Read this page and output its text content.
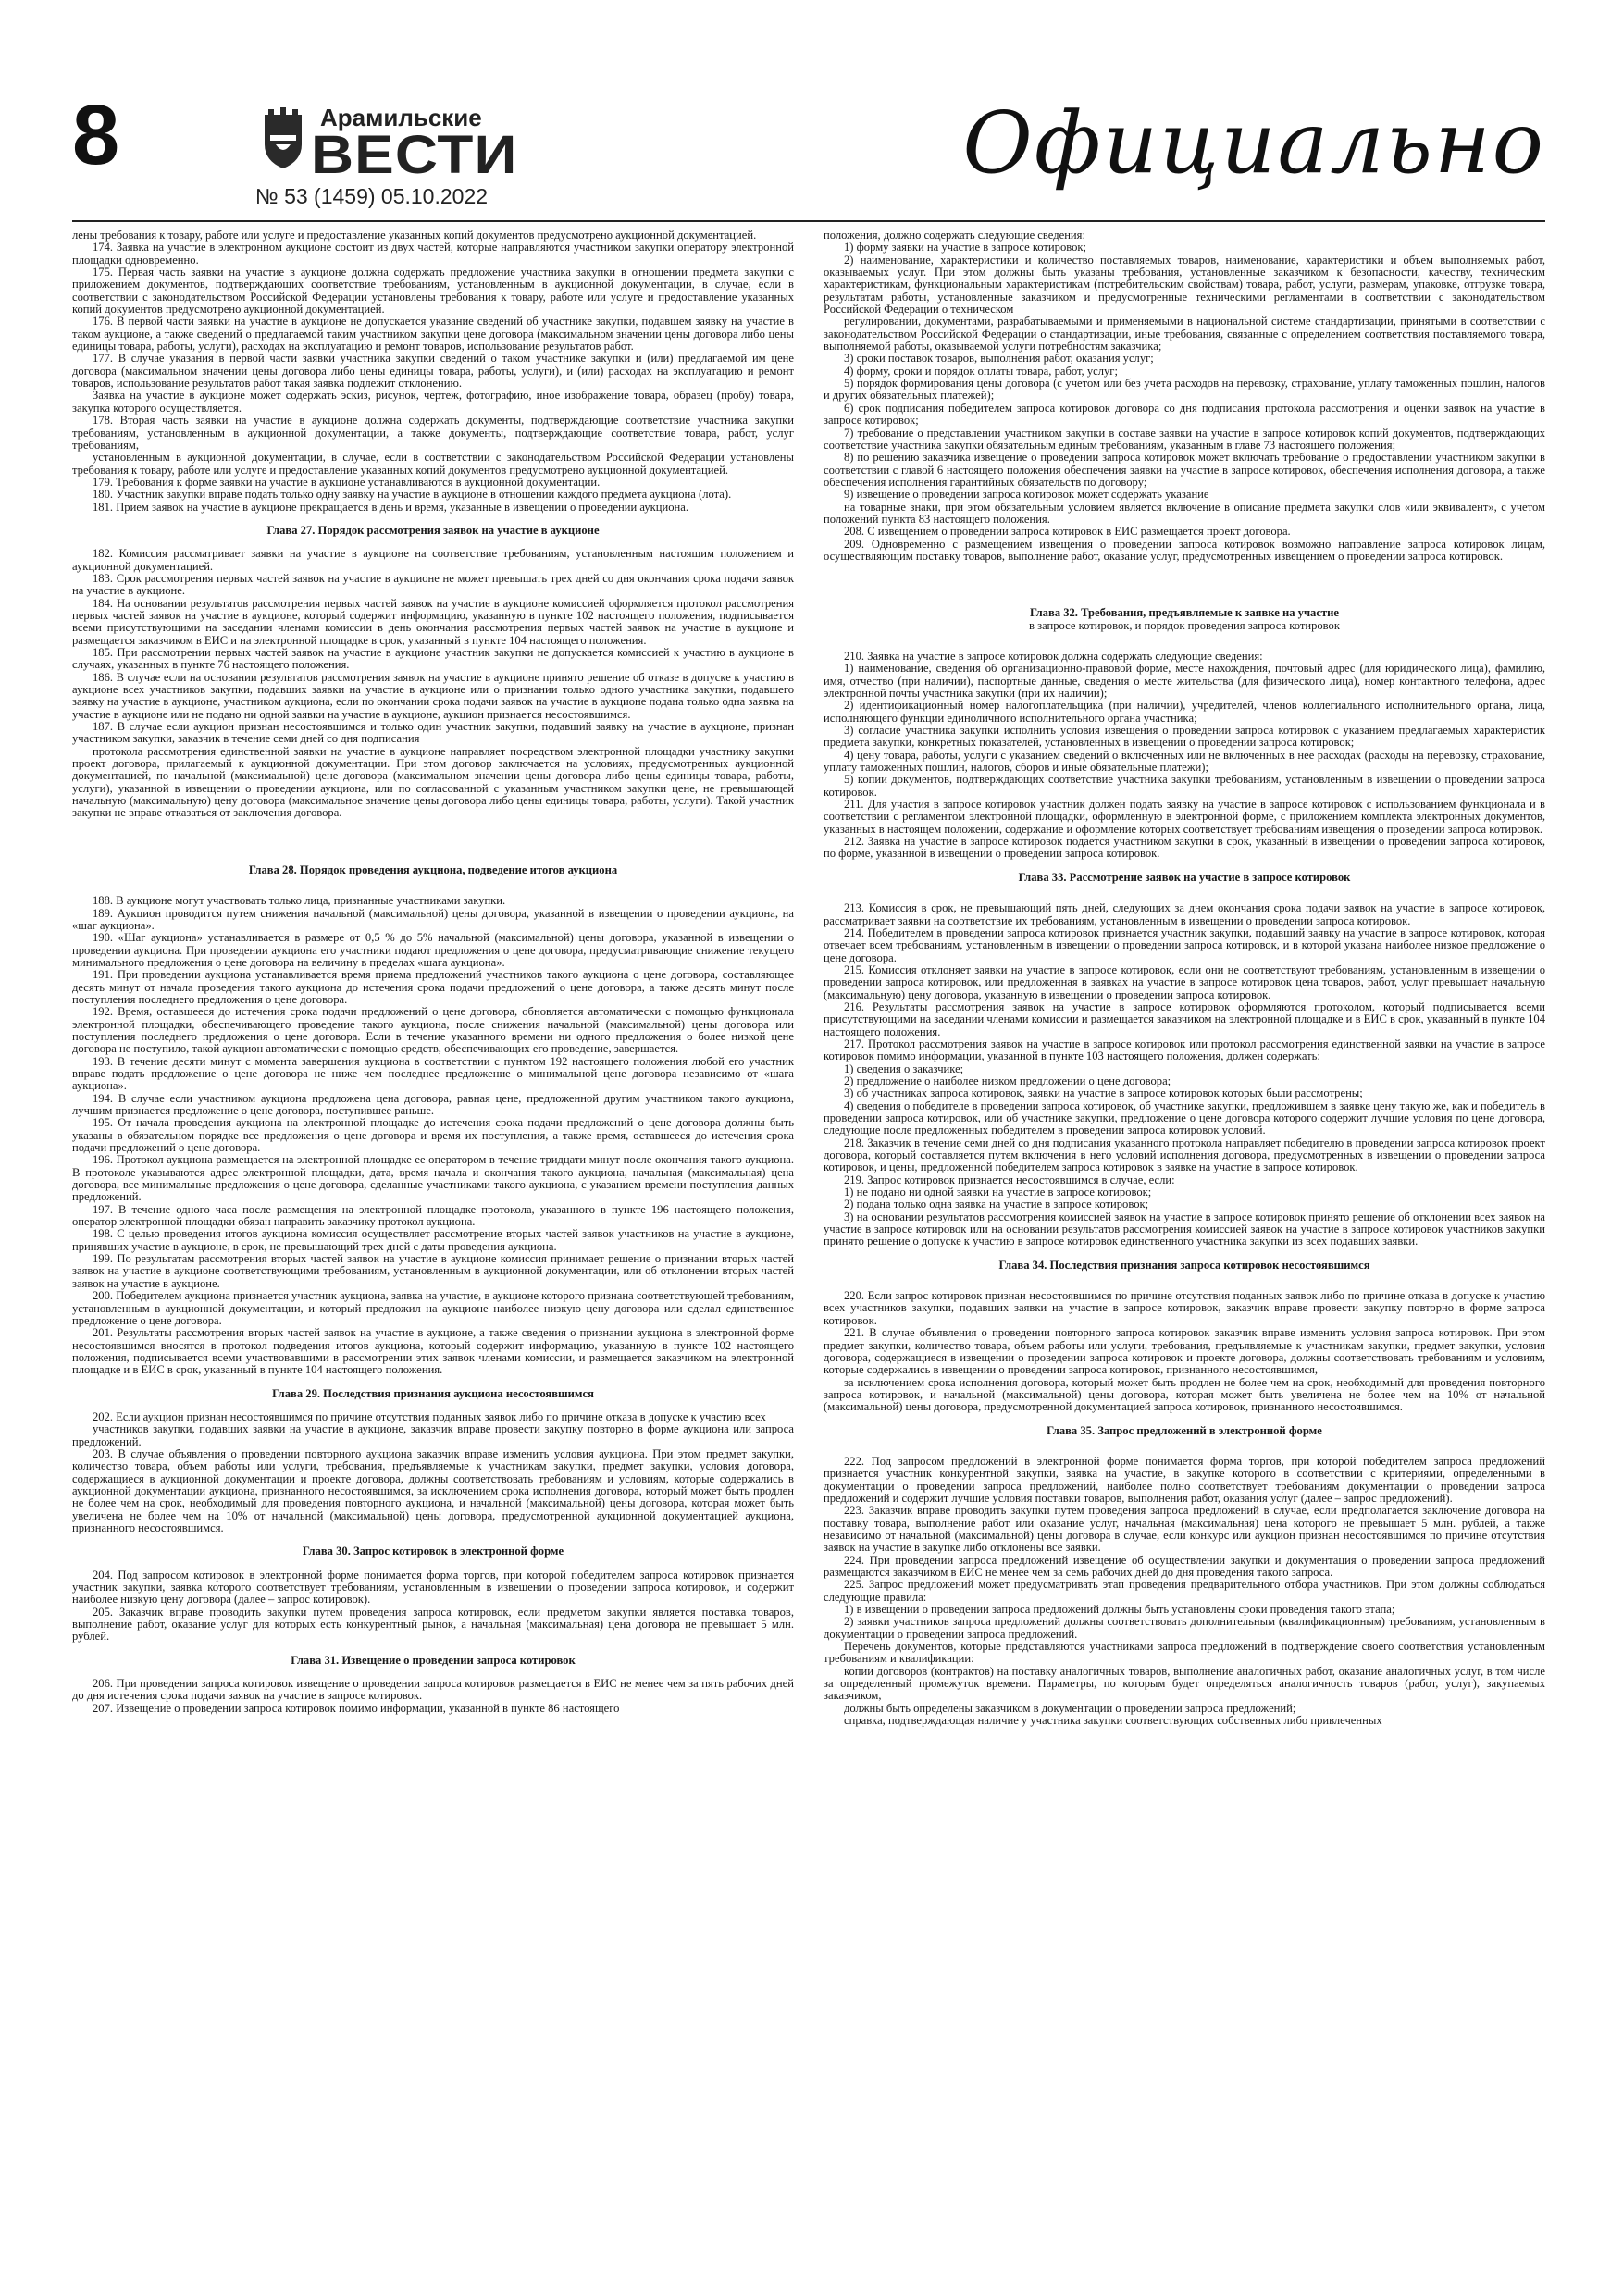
8	Арамильские
ВЕСТИ
№ 53 (1459) 05.10.2022
Официально

лены требования к товару, работе или услуге и предоставление указанных копий документов предусмотрено аукционной документацией.

174. Заявка на участие в электронном аукционе состоит из двух частей, которые направляются участником закупки оператору электронной площадки одновременно.

175. Первая часть заявки на участие в аукционе должна содержать предложение участника закупки в отношении предмета закупки с приложением документов, подтверждающих соответствие требованиям, установленным в аукционной документации, в случае, если в соответствии с законодательством Российской Федерации установлены требования к товару, работе или услуге и предоставление указанных копий документов предусмотрено аукционной документацией.

176. В первой части заявки на участие в аукционе не допускается указание сведений об участнике закупки, подавшем заявку на участие в таком аукционе, а также сведений о предлагаемой таким участником закупки цене договора (максимальном значении цены договора либо цены единицы товара, работы, услуги), расходах на эксплуатацию и ремонт товаров, использование результатов работ.

177. В случае указания в первой части заявки участника закупки сведений о таком участнике закупки и (или) предлагаемой им цене договора (максимальном значении цены договора либо цены единицы товара, работы, услуги), и (или) расходах на эксплуатацию и ремонт товаров, использование результатов работ такая заявка подлежит отклонению.

Заявка на участие в аукционе может содержать эскиз, рисунок, чертеж, фотографию, иное изображение товара, образец (пробу) товара, закупка которого осуществляется.

178. Вторая часть заявки на участие в аукционе должна содержать документы, подтверждающие соответствие участника закупки требованиям, установленным в аукционной документации, а также документы, подтверждающие соответствие товара, работ, услуг требованиям,

установленным в аукционной документации, в случае, если в соответствии с законодательством Российской Федерации установлены требования к товару, работе или услуге и предоставление указанных копий документов предусмотрено аукционной документацией.

179. Требования к форме заявки на участие в аукционе устанавливаются в аукционной документации.

180. Участник закупки вправе подать только одну заявку на участие в аукционе в отношении каждого предмета аукциона (лота).

181. Прием заявок на участие в аукционе прекращается в день и время, указанные в извещении о проведении аукциона.

Глава 27. Порядок рассмотрения заявок на участие в аукционе

182. Комиссия рассматривает заявки на участие в аукционе на соответствие требованиям, установленным настоящим положением и аукционной документацией.

183. Срок рассмотрения первых частей заявок на участие в аукционе не может превышать трех дней со дня окончания срока подачи заявок на участие в аукционе.

184. На основании результатов рассмотрения первых частей заявок на участие в аукционе комиссией оформляется протокол рассмотрения первых частей заявок на участие в аукционе, который содержит информацию, указанную в пункте 102 настоящего положения, подписывается всеми присутствующими на заседании членами комиссии в день окончания рассмотрения первых частей заявок на участие в аукционе и размещается заказчиком в ЕИС и на электронной площадке в срок, указанный в пункте 104 настоящего положения.

185. При рассмотрении первых частей заявок на участие в аукционе участник закупки не допускается комиссией к участию в аукционе в случаях, указанных в пункте 76 настоящего положения.

186. В случае если на основании результатов рассмотрения заявок на участие в аукционе принято решение об отказе в допуске к участию в аукционе всех участников закупки, подавших заявки на участие в аукционе или о признании только одного участника закупки, подавшего заявку на участие в аукционе, участником аукциона, если по окончании срока подачи заявок на участие в аукционе подана только одна заявка на участие в аукционе или не подано ни одной заявки на участие в аукционе, аукцион признается несостоявшимся.

187. В случае если аукцион признан несостоявшимся и только один участник закупки, подавший заявку на участие в аукционе, признан участником закупки, заказчик в течение семи дней со дня подписания

протокола рассмотрения единственной заявки на участие в аукционе направляет посредством электронной площадки участнику закупки проект договора, прилагаемый к аукционной документации. При этом договор заключается на условиях, предусмотренных аукционной документацией, по начальной (максимальной) цене договора (максимальном значении цены договора либо цены единицы товара, работы, услуги), указанной в извещении о проведении аукциона, или по согласованной с указанным участником закупки цене, не превышающей начальную (максимальную) цену договора (максимальное значение цены договора либо цены единицы товара, работы, услуги). Такой участник закупки не вправе отказаться от заключения договора.

Глава 28. Порядок проведения аукциона, подведение итогов аукциона

188. В аукционе могут участвовать только лица, признанные участниками закупки.

189. Аукцион проводится путем снижения начальной (максимальной) цены договора, указанной в извещении о проведении аукциона, на «шаг аукциона».

190. «Шаг аукциона» устанавливается в размере от 0,5 % до 5% начальной (максимальной) цены договора, указанной в извещении о проведении аукциона. При проведении аукциона его участники подают предложения о цене договора, предусматривающие снижение текущего минимального предложения о цене договора на величину в пределах «шага аукциона».

191. При проведении аукциона устанавливается время приема предложений участников такого аукциона о цене договора, составляющее десять минут от начала проведения такого аукциона до истечения срока подачи предложений о цене договора, а также десять минут после поступления последнего предложения о цене договора.

192. Время, оставшееся до истечения срока подачи предложений о цене договора, обновляется автоматически с помощью функционала электронной площадки, обеспечивающего проведение такого аукциона, после снижения начальной (максимальной) цены договора или поступления последнего предложения о цене договора. Если в течение указанного времени ни одного предложения о более низкой цене договора не поступило, такой аукцион автоматически с помощью средств, обеспечивающих его проведение, завершается.

193. В течение десяти минут с момента завершения аукциона в соответствии с пунктом 192 настоящего положения любой его участник вправе подать предложение о цене договора не ниже чем последнее предложение о минимальной цене договора независимо от «шага аукциона».

194. В случае если участником аукциона предложена цена договора, равная цене, предложенной другим участником такого аукциона, лучшим признается предложение о цене договора, поступившее раньше.

195. От начала проведения аукциона на электронной площадке до истечения срока подачи предложений о цене договора должны быть указаны в обязательном порядке все предложения о цене договора и время их поступления, а также время, оставшееся до истечения срока подачи предложений о цене договора.

196. Протокол аукциона размещается на электронной площадке ее оператором в течение тридцати минут после окончания такого аукциона. В протоколе указываются адрес электронной площадки, дата, время начала и окончания такого аукциона, начальная (максимальная) цена договора, все минимальные предложения о цене договора, сделанные участниками такого аукциона, с указанием времени поступления данных предложений.

197. В течение одного часа после размещения на электронной площадке протокола, указанного в пункте 196 настоящего положения, оператор электронной площадки обязан направить заказчику протокол аукциона.

198. С целью проведения итогов аукциона комиссия осуществляет рассмотрение вторых частей заявок участников на участие в аукционе, принявших участие в аукционе, в срок, не превышающий трех дней с даты проведения аукциона.

199. По результатам рассмотрения вторых частей заявок на участие в аукционе комиссия принимает решение о признании вторых частей заявок на участие в аукционе соответствующими требованиям, установленным в аукционной документации, или об отклонении вторых частей заявок на участие в аукционе.

200. Победителем аукциона признается участник аукциона, заявка на участие, в аукционе которого признана соответствующей требованиям, установленным в аукционной документации, и который предложил на аукционе наиболее низкую цену договора или сделал единственное предложение о цене договора.

201. Результаты рассмотрения вторых частей заявок на участие в аукционе, а также сведения о признании аукциона в электронной форме несостоявшимся вносятся в протокол подведения итогов аукциона, который содержит информацию, указанную в пункте 102 настоящего положения, подписывается всеми участвовавшими в рассмотрении этих заявок членами комиссии, и размещается заказчиком на электронной площадке и в ЕИС в срок, указанный в пункте 104 настоящего положения.

Глава 29. Последствия признания аукциона несостоявшимся

202. Если аукцион признан несостоявшимся по причине отсутствия поданных заявок либо по причине отказа в допуске к участию всех

участников закупки, подавших заявки на участие в аукционе, заказчик вправе провести закупку повторно в форме аукциона или запроса предложений.

203. В случае объявления о проведении повторного аукциона заказчик вправе изменить условия аукциона. При этом предмет закупки, количество товара, объем работы или услуги, требования, предъявляемые к участникам закупки, предмет закупки, условия договора, содержащиеся в аукционной документации и проекте договора, должны соответствовать требованиям и условиям, которые содержались в аукционной документации аукциона, признанного несостоявшимся, за исключением срока исполнения договора, который может быть продлен не более чем на срок, необходимый для проведения повторного аукциона, и начальной (максимальной) цены договора, которая может быть увеличена не более чем на 10% от начальной (максимальной) цены договора, предусмотренной аукционной документацией аукциона, признанного несостоявшимся.

Глава 30. Запрос котировок в электронной форме

204. Под запросом котировок в электронной форме понимается форма торгов, при которой победителем запроса котировок признается участник закупки, заявка которого соответствует требованиям, установленным в извещении о проведении запроса котировок, и содержит наиболее низкую цену договора (далее – запрос котировок).

205. Заказчик вправе проводить закупки путем проведения запроса котировок, если предметом закупки является поставка товаров, выполнение работ, оказание услуг для которых есть конкурентный рынок, а начальная (максимальная) цена договора не превышает 5 млн. рублей.

Глава 31. Извещение о проведении запроса котировок

206. При проведении запроса котировок извещение о проведении запроса котировок размещается в ЕИС не менее чем за пять рабочих дней до дня истечения срока подачи заявок на участие в запросе котировок.

207. Извещение о проведении запроса котировок помимо информации, указанной в пункте 86 настоящего

положения, должно содержать следующие сведения:

1) форму заявки на участие в запросе котировок;

2) наименование, характеристики и количество поставляемых товаров, наименование, характеристики и объем выполняемых работ, оказываемых услуг. При этом должны быть указаны требования, установленные заказчиком к безопасности, качеству, техническим характеристикам, функциональным характеристикам (потребительским свойствам) товара, работ, услуги, размерам, упаковке, отгрузке товара, результатам работы, установленные заказчиком и предусмотренные техническими регламентами в соответствии с законодательством Российской Федерации о техническом

регулировании, документами, разрабатываемыми и применяемыми в национальной системе стандартизации, принятыми в соответствии с законодательством Российской Федерации о стандартизации, иные требования, связанные с определением соответствия поставляемого товара, выполняемой работы, оказываемой услуги потребностям заказчика;

3) сроки поставок товаров, выполнения работ, оказания услуг;

4) форму, сроки и порядок оплаты товара, работ, услуг;

5) порядок формирования цены договора (с учетом или без учета расходов на перевозку, страхование, уплату таможенных пошлин, налогов и других обязательных платежей);

6) срок подписания победителем запроса котировок договора со дня подписания протокола рассмотрения и оценки заявок на участие в запросе котировок;

7) требование о представлении участником закупки в составе заявки на участие в запросе котировок копий документов, подтверждающих соответствие участника закупки обязательным единым требованиям, указанным в главе 73 настоящего положения;

8) по решению заказчика извещение о проведении запроса котировок может включать требование о предоставлении участником закупки в соответствии с главой 6 настоящего положения обеспечения заявки на участие в запросе котировок, обеспечения исполнения договора, а также обеспечения исполнения гарантийных обязательств по договору;

9) извещение о проведении запроса котировок может содержать указание

на товарные знаки, при этом обязательным условием является включение в описание предмета закупки слов «или эквивалент», с учетом положений пункта 83 настоящего положения.

208. С извещением о проведении запроса котировок в ЕИС размещается проект договора.

209. Одновременно с размещением извещения о проведении запроса котировок возможно направление запроса котировок лицам, осуществляющим поставку товаров, выполнение работ, оказание услуг, предусмотренных извещением о проведении запроса котировок.

Глава 32. Требования, предъявляемые к заявке на участие

в запросе котировок, и порядок проведения запроса котировок

210. Заявка на участие в запросе котировок должна содержать следующие сведения:

1) наименование, сведения об организационно-правовой форме, месте нахождения, почтовый адрес (для юридического лица), фамилию, имя, отчество (при наличии), паспортные данные, сведения о месте жительства (для физического лица), номер контактного телефона, адрес электронной почты участника закупки (при их наличии);

2) идентификационный номер налогоплательщика (при наличии), учредителей, членов коллегиального исполнительного органа, лица, исполняющего функции единоличного исполнительного органа участника;

3) согласие участника закупки исполнить условия извещения о проведении запроса котировок с указанием предлагаемых характеристик предмета закупки, конкретных показателей, установленных в извещении о проведении запроса котировок;

4) цену товара, работы, услуги с указанием сведений о включенных или не включенных в нее расходах (расходы на перевозку, страхование, уплату таможенных пошлин, налогов, сборов и иные обязательные платежи);

5) копии документов, подтверждающих соответствие участника закупки требованиям, установленным в извещении о проведении запроса котировок.

211. Для участия в запросе котировок участник должен подать заявку на участие в запросе котировок с использованием функционала и в соответствии с регламентом электронной площадки, оформленную в электронной форме, с приложением комплекта электронных документов, указанных в настоящем положении, содержание и оформление которых соответствует требованиям извещения о проведении запроса котировок.

212. Заявка на участие в запросе котировок подается участником закупки в срок, указанный в извещении о проведении запроса котировок, по форме, указанной в извещении о проведении запроса котировок.

Глава 33. Рассмотрение заявок на участие в запросе котировок

213. Комиссия в срок, не превышающий пять дней, следующих за днем окончания срока подачи заявок на участие в запросе котировок, рассматривает заявки на соответствие их требованиям, установленным в извещении о проведении запроса котировок.

214. Победителем в проведении запроса котировок признается участник закупки, подавший заявку на участие в запросе котировок, которая отвечает всем требованиям, установленным в извещении о проведении запроса котировок, и в которой указана наиболее низкое предложение о цене договора.

215. Комиссия отклоняет заявки на участие в запросе котировок, если они не соответствуют требованиям, установленным в извещении о проведении запроса котировок, или предложенная в заявках на участие в запросе котировок цена товаров, работ, услуг превышает начальную (максимальную) цену договора, указанную в извещении о проведении запроса котировок.

216. Результаты рассмотрения заявок на участие в запросе котировок оформляются протоколом, который подписывается всеми присутствующими на заседании членами комиссии и размещается заказчиком на электронной площадке и в ЕИС в срок, указанный в пункте 104 настоящего положения.

217. Протокол рассмотрения заявок на участие в запросе котировок или протокол рассмотрения единственной заявки на участие в запросе котировок помимо информации, указанной в пункте 103 настоящего положения, должен содержать:

1) сведения о заказчике;

2) предложение о наиболее низком предложении о цене договора;

3) об участниках запроса котировок, заявки на участие в запросе котировок которых были рассмотрены;

4) сведения о победителе в проведении запроса котировок, об участнике закупки, предложившем в заявке цену такую же, как и победитель в проведении запроса котировок, или об участнике закупки, предложение о цене договора которого содержит лучшие условия по цене договора, следующие после предложенных победителем в проведении запроса котировок условий.

218. Заказчик в течение семи дней со дня подписания указанного протокола направляет победителю в проведении запроса котировок проект договора, который составляется путем включения в него условий исполнения договора, предусмотренных в извещении о проведении запроса котировок, и цены, предложенной победителем запроса котировок в заявке на участие в запросе котировок.

219. Запрос котировок признается несостоявшимся в случае, если:

1) не подано ни одной заявки на участие в запросе котировок;

2) подана только одна заявка на участие в запросе котировок;

3) на основании результатов рассмотрения комиссией заявок на участие в запросе котировок принято решение об отклонении всех заявок на участие в запросе котировок или на основании результатов рассмотрения комиссией заявок на участие в запросе котировок участников закупки принято решение о допуске к участию в запросе котировок единственного участника закупки из всех подавших заявки.

Глава 34. Последствия признания запроса котировок несостоявшимся

220. Если запрос котировок признан несостоявшимся по причине отсутствия поданных заявок либо по причине отказа в допуске к участию всех участников закупки, подавших заявки на участие в запросе котировок, заказчик вправе провести закупку повторно в форме запроса котировок.

221. В случае объявления о проведении повторного запроса котировок заказчик вправе изменить условия запроса котировок. При этом предмет закупки, количество товара, объем работы или услуги, требования, предъявляемые к участникам закупки, предмет закупки, условия договора, содержащиеся в извещении о проведении запроса котировок и проекте договора, должны соответствовать требованиям и условиям, которые содержались в извещении о проведении запроса котировок, признанного несостоявшимся,

за исключением срока исполнения договора, который может быть продлен не более чем на срок, необходимый для проведения повторного запроса котировок, и начальной (максимальной) цены договора, которая может быть увеличена не более чем на 10% от начальной (максимальной) цены договора, предусмотренной документацией запроса котировок, признанного несостоявшимся.

Глава 35. Запрос предложений в электронной форме

222. Под запросом предложений в электронной форме понимается форма торгов, при которой победителем запроса предложений признается участник конкурентной закупки, заявка на участие, в закупке которого в соответствии с критериями, определенными в документации о проведении запроса предложений, наиболее полно соответствует требованиям документации о проведении запроса предложений и содержит лучшие условия поставки товаров, выполнения работ, оказания услуг (далее – запрос предложений).

223. Заказчик вправе проводить закупки путем проведения запроса предложений в случае, если предполагается заключение договора на поставку товара, выполнение работ или оказание услуг, начальная (максимальная) цена которого не превышает 5 млн. рублей, а также независимо от начальной (максимальной) цены договора в случае, если конкурс или аукцион признан несостоявшимся по причине отсутствия заявок на участие в закупке либо отклонены все заявки.

224. При проведении запроса предложений извещение об осуществлении закупки и документация о проведении запроса предложений размещаются заказчиком в ЕИС не менее чем за семь рабочих дней до дня проведения такого запроса.

225. Запрос предложений может предусматривать этап проведения предварительного отбора участников. При этом должны соблюдаться следующие правила:

1) в извещении о проведении запроса предложений должны быть установлены сроки проведения такого этапа;

2) заявки участников запроса предложений должны соответствовать дополнительным (квалификационным) требованиям, установленным в документации о проведении запроса предложений.

Перечень документов, которые представляются участниками запроса предложений в подтверждение своего соответствия установленным требованиям и квалификации:

копии договоров (контрактов) на поставку аналогичных товаров, выполнение аналогичных работ, оказание аналогичных услуг, в том числе за определенный промежуток времени. Параметры, по которым будет определяться аналогичность товаров (работ, услуг), закупаемых заказчиком,

должны быть определены заказчиком в документации о проведении запроса предложений;

справка, подтверждающая наличие у участника закупки соответствующих собственных либо привлеченных
